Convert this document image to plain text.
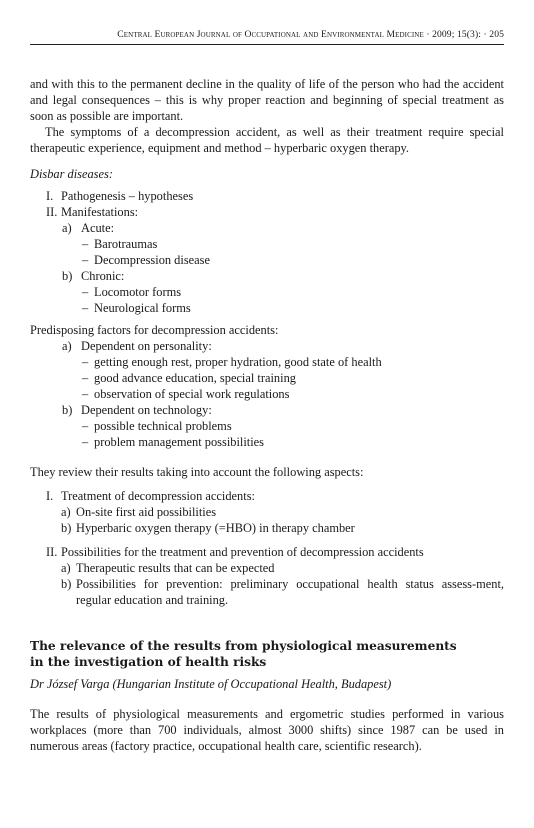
Central European Journal of Occupational and Environmental Medicine · 2009; 15(3): · 205

and with this to the permanent decline in the quality of life of the person who had the accident and legal consequences – this is why proper reaction and beginning of special treatment as soon as possible are important.

The symptoms of a decompression accident, as well as their treatment require special therapeutic experience, equipment and method – hyperbaric oxygen therapy.

Disbar diseases:

I. Pathogenesis – hypotheses
II. Manifestations:
a) Acute:
– Barotraumas
– Decompression disease
b) Chronic:
– Locomotor forms
– Neurological forms

Predisposing factors for decompression accidents:

a) Dependent on personality:
– getting enough rest, proper hydration, good state of health
– good advance education, special training
– observation of special work regulations
b) Dependent on technology:
– possible technical problems
– problem management possibilities

They review their results taking into account the following aspects:

I. Treatment of decompression accidents:
a) On-site first aid possibilities
b) Hyperbaric oxygen therapy (=HBO) in therapy chamber
II. Possibilities for the treatment and prevention of decompression accidents
a) Therapeutic results that can be expected
b) Possibilities for prevention: preliminary occupational health status assess-ment, regular education and training.

The relevance of the results from physiological measurements

in the investigation of health risks

Dr József Varga (Hungarian Institute of Occupational Health, Budapest)

The results of physiological measurements and ergometric studies performed in various workplaces (more than 700 individuals, almost 3000 shifts) since 1987 can be used in numerous areas (factory practice, occupational health care, scientific research).
